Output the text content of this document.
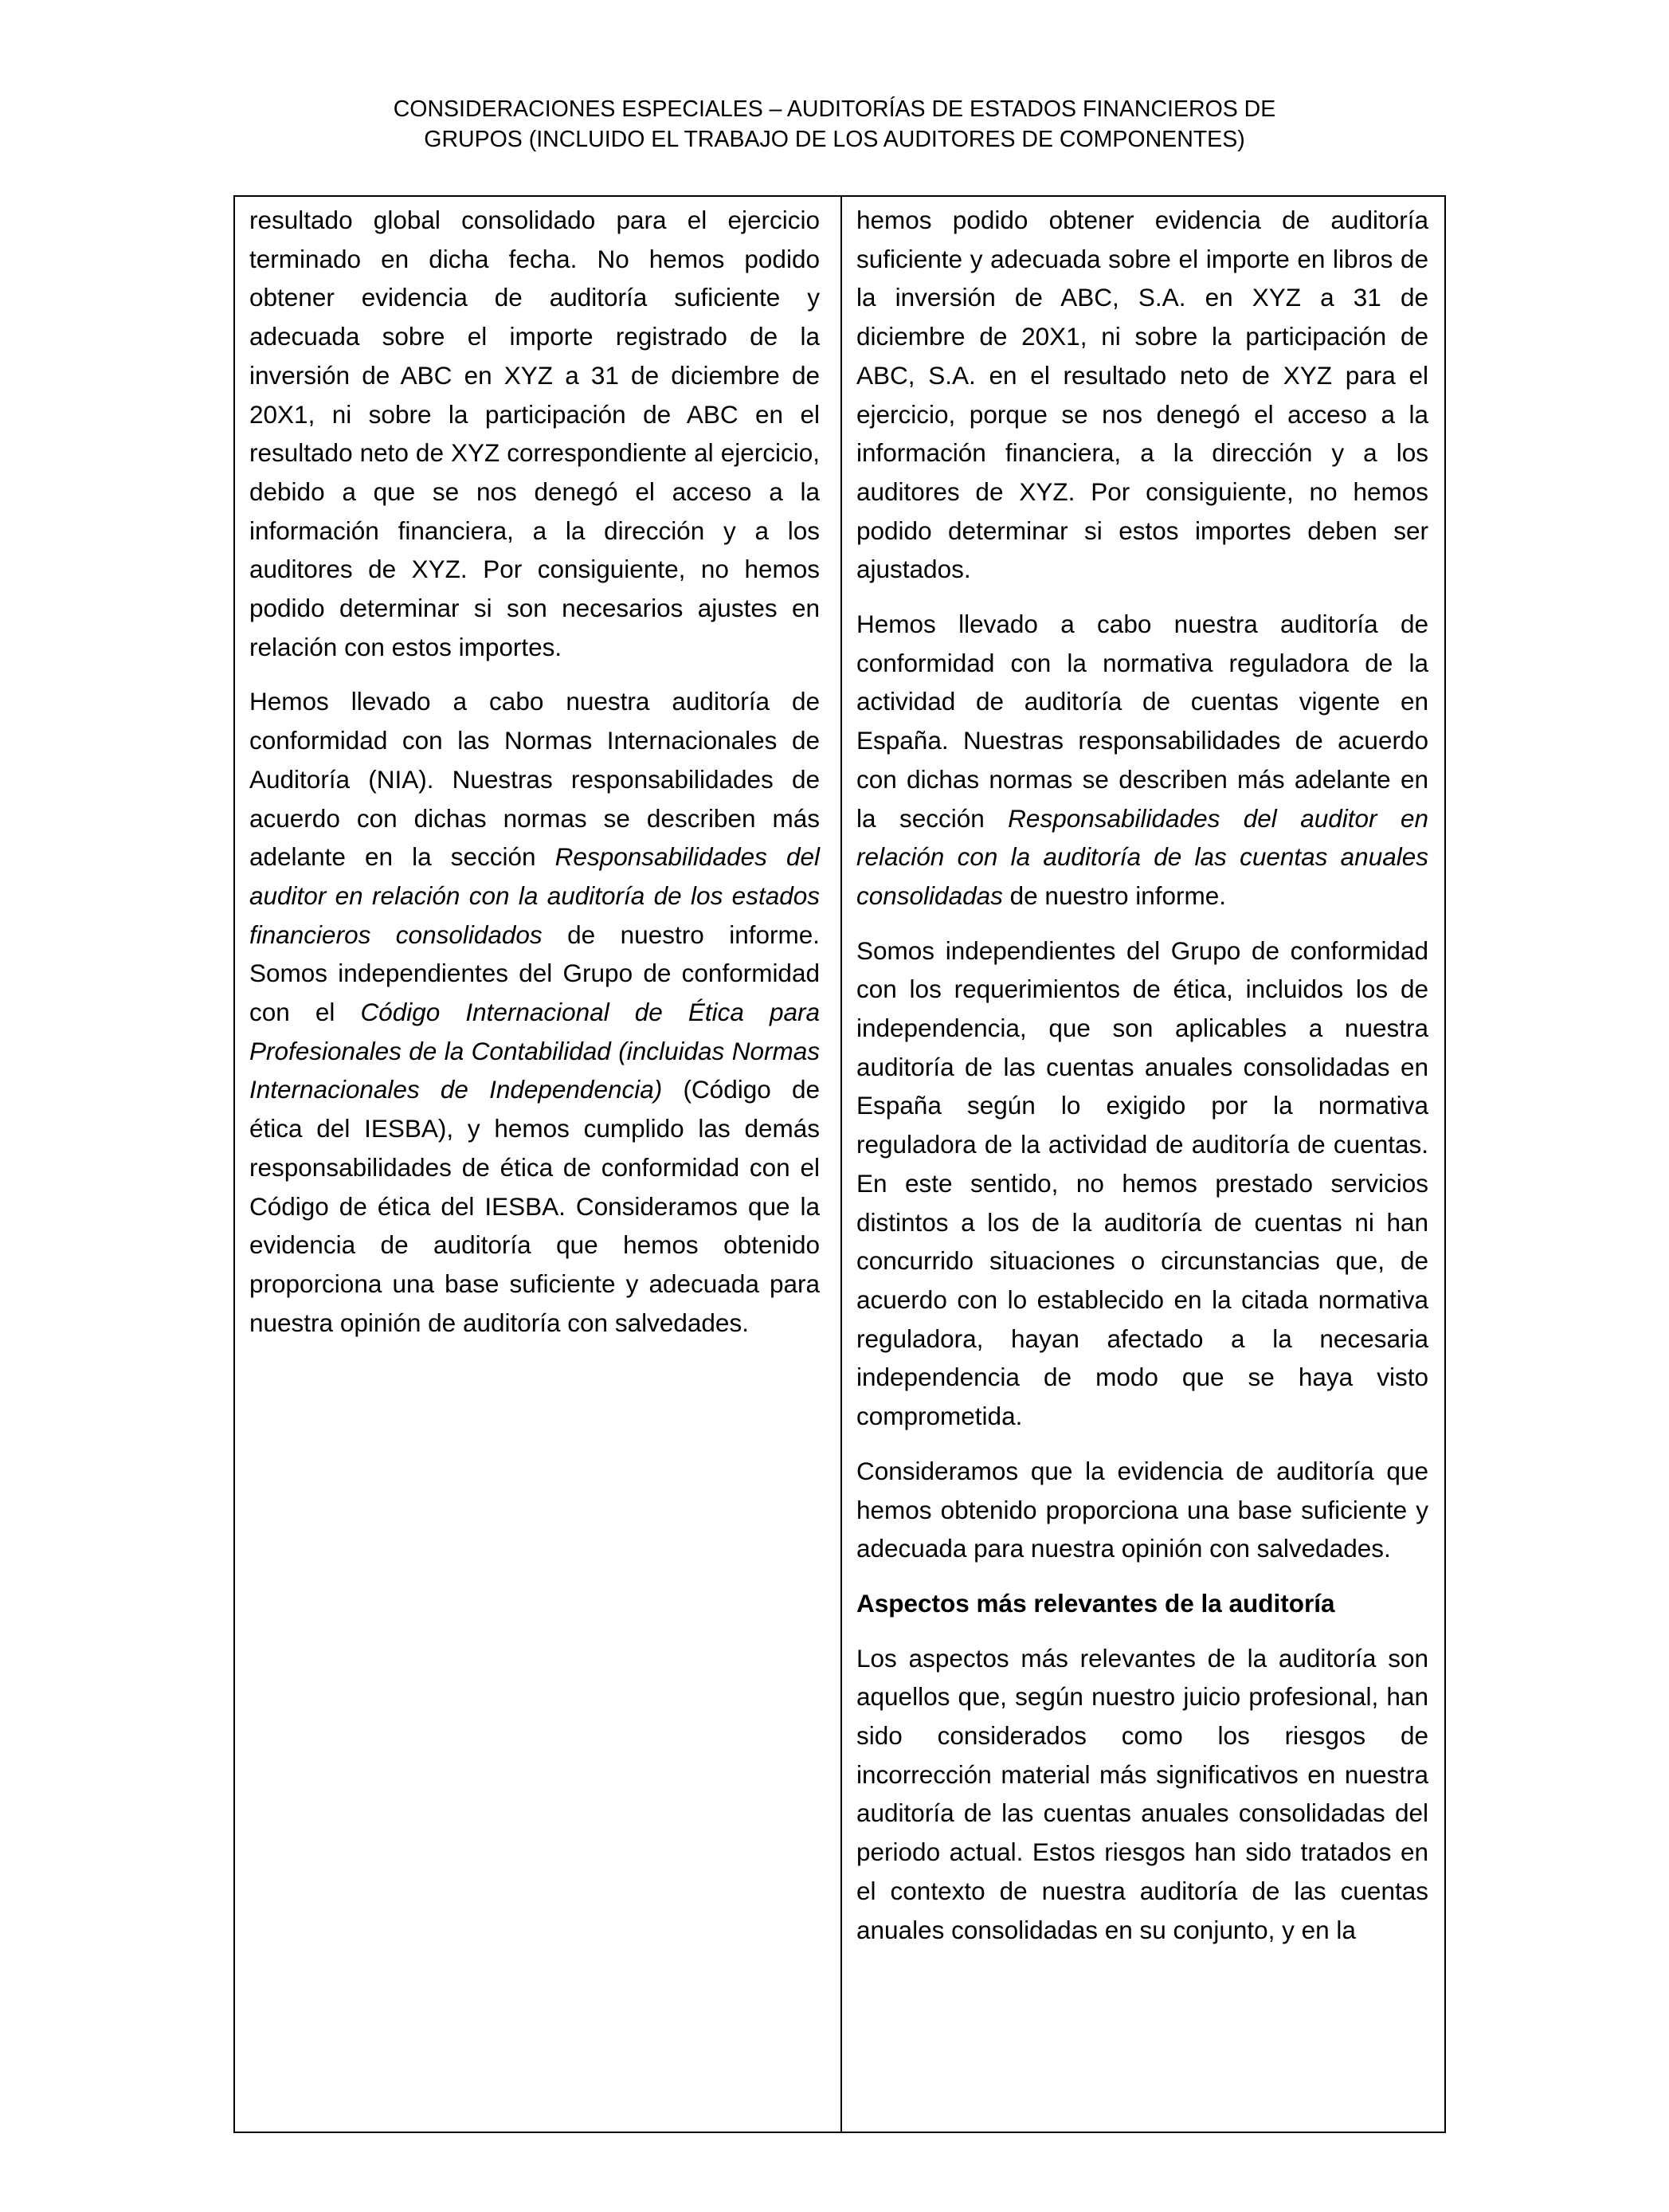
CONSIDERACIONES ESPECIALES – AUDITORÍAS DE ESTADOS FINANCIEROS DE
GRUPOS (INCLUIDO EL TRABAJO DE LOS AUDITORES DE COMPONENTES)

resultado global consolidado para el ejercicio terminado en dicha fecha. No hemos podido obtener evidencia de auditoría suficiente y adecuada sobre el importe registrado de la inversión de ABC en XYZ a 31 de diciembre de 20X1, ni sobre la participación de ABC en el resultado neto de XYZ correspondiente al ejercicio, debido a que se nos denegó el acceso a la información financiera, a la dirección y a los auditores de XYZ. Por consiguiente, no hemos podido determinar si son necesarios ajustes en relación con estos importes.

Hemos llevado a cabo nuestra auditoría de conformidad con las Normas Internacionales de Auditoría (NIA). Nuestras responsabilidades de acuerdo con dichas normas se describen más adelante en la sección Responsabilidades del auditor en relación con la auditoría de los estados financieros consolidados de nuestro informe. Somos independientes del Grupo de conformidad con el Código Internacional de Ética para Profesionales de la Contabilidad (incluidas Normas Internacionales de Independencia) (Código de ética del IESBA), y hemos cumplido las demás responsabilidades de ética de conformidad con el Código de ética del IESBA. Consideramos que la evidencia de auditoría que hemos obtenido proporciona una base suficiente y adecuada para nuestra opinión de auditoría con salvedades.

hemos podido obtener evidencia de auditoría suficiente y adecuada sobre el importe en libros de la inversión de ABC, S.A. en XYZ a 31 de diciembre de 20X1, ni sobre la participación de ABC, S.A. en el resultado neto de XYZ para el ejercicio, porque se nos denegó el acceso a la información financiera, a la dirección y a los auditores de XYZ. Por consiguiente, no hemos podido determinar si estos importes deben ser ajustados.

Hemos llevado a cabo nuestra auditoría de conformidad con la normativa reguladora de la actividad de auditoría de cuentas vigente en España. Nuestras responsabilidades de acuerdo con dichas normas se describen más adelante en la sección Responsabilidades del auditor en relación con la auditoría de las cuentas anuales consolidadas de nuestro informe.

Somos independientes del Grupo de conformidad con los requerimientos de ética, incluidos los de independencia, que son aplicables a nuestra auditoría de las cuentas anuales consolidadas en España según lo exigido por la normativa reguladora de la actividad de auditoría de cuentas. En este sentido, no hemos prestado servicios distintos a los de la auditoría de cuentas ni han concurrido situaciones o circunstancias que, de acuerdo con lo establecido en la citada normativa reguladora, hayan afectado a la necesaria independencia de modo que se haya visto comprometida.

Consideramos que la evidencia de auditoría que hemos obtenido proporciona una base suficiente y adecuada para nuestra opinión con salvedades.

Aspectos más relevantes de la auditoría

Los aspectos más relevantes de la auditoría son aquellos que, según nuestro juicio profesional, han sido considerados como los riesgos de incorrección material más significativos en nuestra auditoría de las cuentas anuales consolidadas del periodo actual. Estos riesgos han sido tratados en el contexto de nuestra auditoría de las cuentas anuales consolidadas en su conjunto, y en la
